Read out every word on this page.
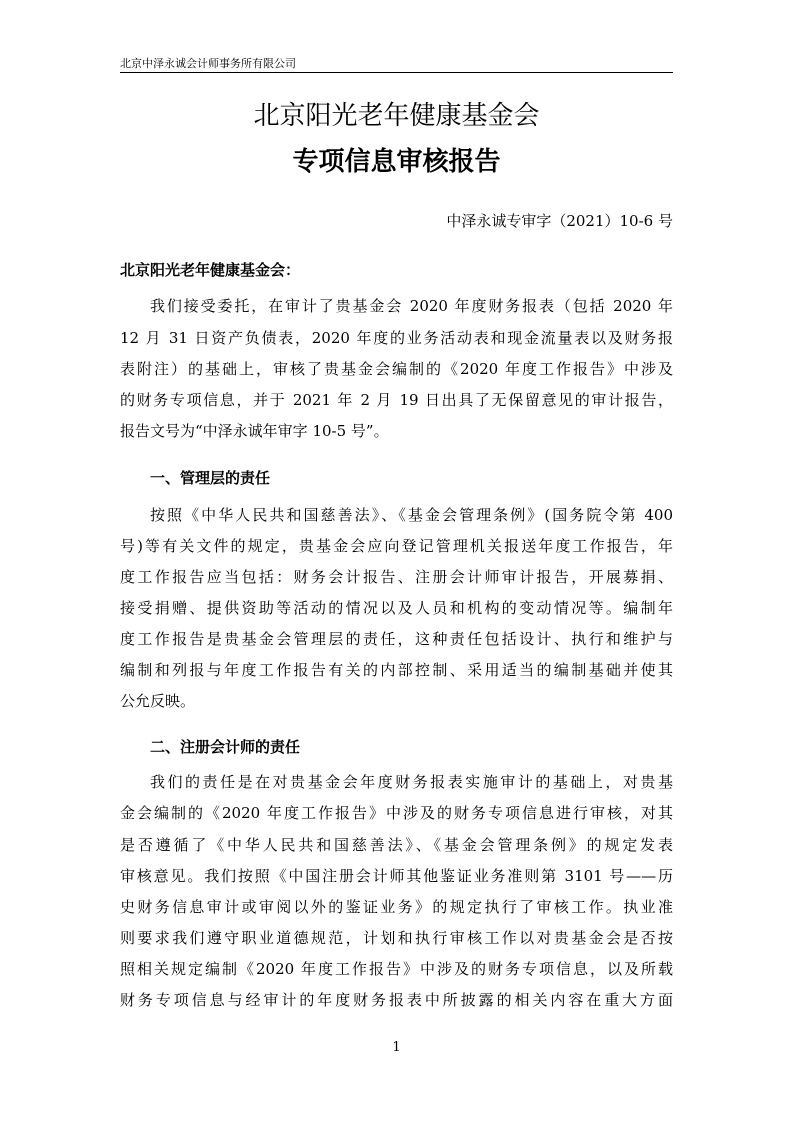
北京中泽永诚会计师事务所有限公司
北京阳光老年健康基金会
专项信息审核报告
中泽永诚专审字（2021）10-6 号
北京阳光老年健康基金会：
我们接受委托，在审计了贵基金会 2020 年度财务报表（包括 2020 年
12 月 31 日资产负债表，2020 年度的业务活动表和现金流量表以及财务报
表附注）的基础上，审核了贵基金会编制的《2020 年度工作报告》中涉及
的财务专项信息，并于 2021 年 2 月 19 日出具了无保留意见的审计报告，
报告文号为“中泽永诚年审字 10-5 号”。
一、管理层的责任
按照《中华人民共和国慈善法》、《基金会管理条例》(国务院令第 400
号)等有关文件的规定，贵基金会应向登记管理机关报送年度工作报告，年
度工作报告应当包括：财务会计报告、注册会计师审计报告，开展募捐、
接受捐赠、提供资助等活动的情况以及人员和机构的变动情况等。编制年
度工作报告是贵基金会管理层的责任，这种责任包括设计、执行和维护与
编制和列报与年度工作报告有关的内部控制、采用适当的编制基础并使其
公允反映。
二、注册会计师的责任
我们的责任是在对贵基金会年度财务报表实施审计的基础上，对贵基
金会编制的《2020 年度工作报告》中涉及的财务专项信息进行审核，对其
是否遵循了《中华人民共和国慈善法》、《基金会管理条例》的规定发表
审核意见。我们按照《中国注册会计师其他鉴证业务准则第 3101 号——历
史财务信息审计或审阅以外的鉴证业务》的规定执行了审核工作。执业准
则要求我们遵守职业道德规范，计划和执行审核工作以对贵基金会是否按
照相关规定编制《2020 年度工作报告》中涉及的财务专项信息，以及所载
财务专项信息与经审计的年度财务报表中所披露的相关内容在重大方面
1
